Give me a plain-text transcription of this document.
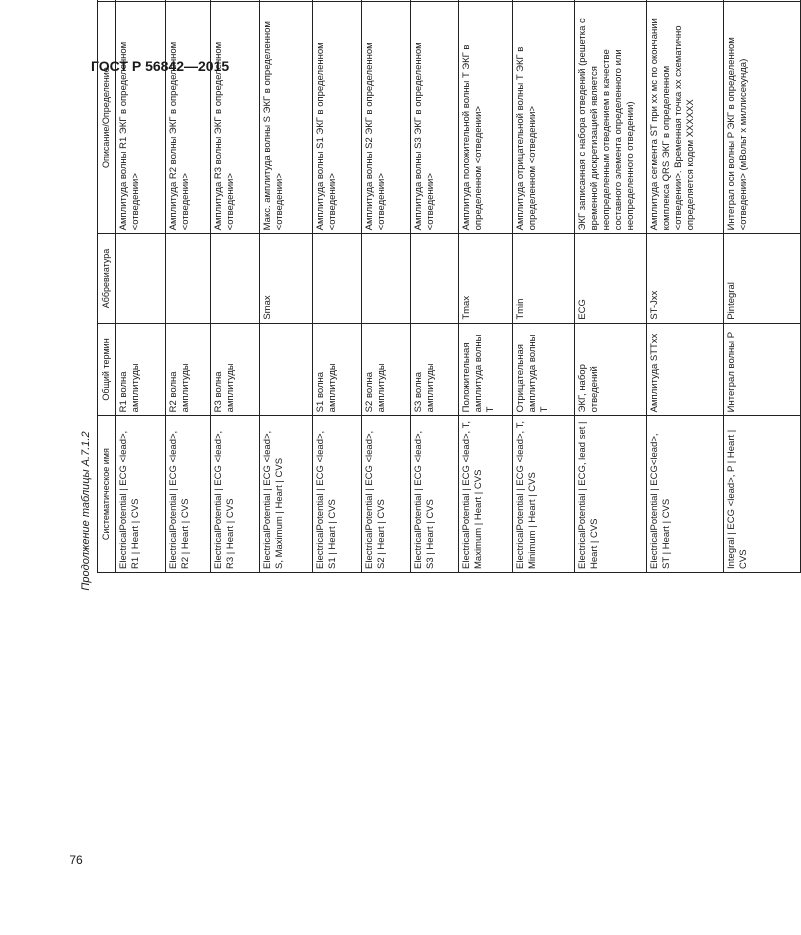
ГОСТ Р 56842—2015
Продолжение таблицы А.7.1.2
76
Систематическое имя	Общий термин	Аббревиатура	Описание/Определение		
ElectricalPotential | ECG <lead>, R1 | Heart | CVS	R1 волна амплитуды		Амплитуда волны R1 ЭКГ в определенном <отведении>		
ElectricalPotential | ECG <lead>, R2 | Heart | CVS	R2 волна амплитуды		Амплитуда R2 волны ЭКГ в определенном <отведении>		
ElectricalPotential | ECG <lead>, R3 | Heart | CVS	R3 волна амплитуды		Амплитуда R3 волны ЭКГ в определенном <отведении>		
ElectricalPotential | ECG <lead>, S, Maximum | Heart | CVS		Smax	Макс. амплитуда волны S ЭКГ в определенном <отведении>		
ElectricalPotential | ECG <lead>, S1 | Heart | CVS	S1 волна амплитуды		Амплитуда волны S1 ЭКГ в определенном <отведении>		
ElectricalPotential | ECG <lead>, S2 | Heart | CVS	S2 волна амплитуды		Амплитуда волны S2 ЭКГ в определенном <отведении>		
ElectricalPotential | ECG <lead>, S3 | Heart | CVS	S3 волна амплитуды		Амплитуда волны S3 ЭКГ в определенном <отведении>		
ElectricalPotential | ECG <lead>, T, Maximum | Heart | CVS	Положительная амплитуда волны T	Tmax	Амплитуда положительной волны T ЭКГ в определенном <отведении>		
ElectricalPotential | ECG <lead>, T, Minimum | Heart | CVS	Отрицательная амплитуда волны T	Tmin	Амплитуда отрицательной волны T ЭКГ в определенном <отведении>		
ElectricalPotential | ECG, lead set | Heart | CVS	ЭКГ, набор отведений	ECG	ЭКГ записанная с набора отведений (решетка с временной дискретизацией является неопределенным отведением в качестве составного элемента определенного или неопределенного отведении)		
ElectricalPotential | ECG<lead>, ST | Heart | CVS	Амплитуда STTxx	ST-Jxx	Амплитуда сегмента ST при xx мс по окончании комплекса QRS ЭКГ в определенном <отведении>. Временная точка xx схематично определяется кодом XXXXXX		
Integral | ECG <lead>, P | Heart | CVS	Интеграл волны P	Pintegral	Интеграл оси волны P ЭКГ в определенном <отведении> (мВольт x миллисекунда)		
